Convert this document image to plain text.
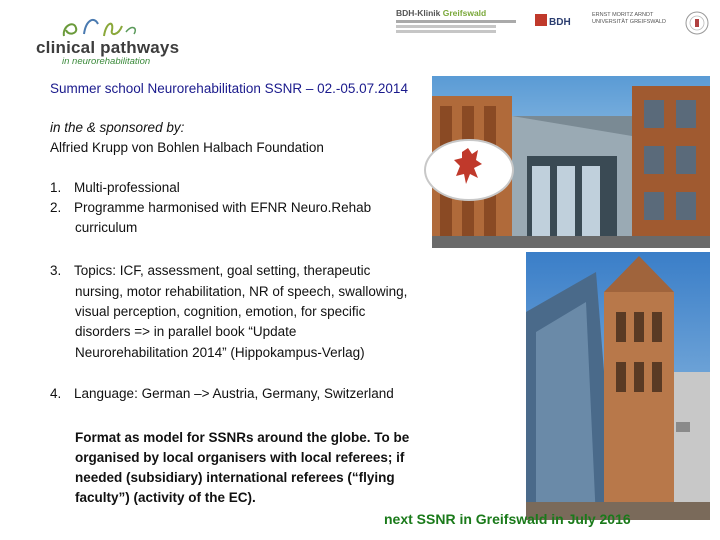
clinical pathways
in neurorehabilitation
BDH-Klinik Greifswald
BDH
ERNST MORITZ ARNDT
UNIVERSITÄT GREIFSWALD
Summer school Neurorehabilitation SSNR – 02.-05.07.2014
in the & sponsored by:
Alfried Krupp von Bohlen Halbach Foundation
1. Multi-professional
2. Programme harmonised with EFNR Neuro.Rehab
curriculum
3. Topics: ICF, assessment, goal setting, therapeutic
nursing, motor rehabilitation, NR of speech, swallowing,
visual perception, cognition, emotion, for specific
disorders => in parallel book “Update
Neurorehabilitation 2014” (Hippokampus-Verlag)
4. Language: German –> Austria, Germany, Switzerland
Format as model for SSNRs around the globe. To be
organised by local organisers with local referees; if
needed (subsidiary) international referees (“flying
faculty”) (activity of the EC).
next SSNR in Greifswald in July 2016
